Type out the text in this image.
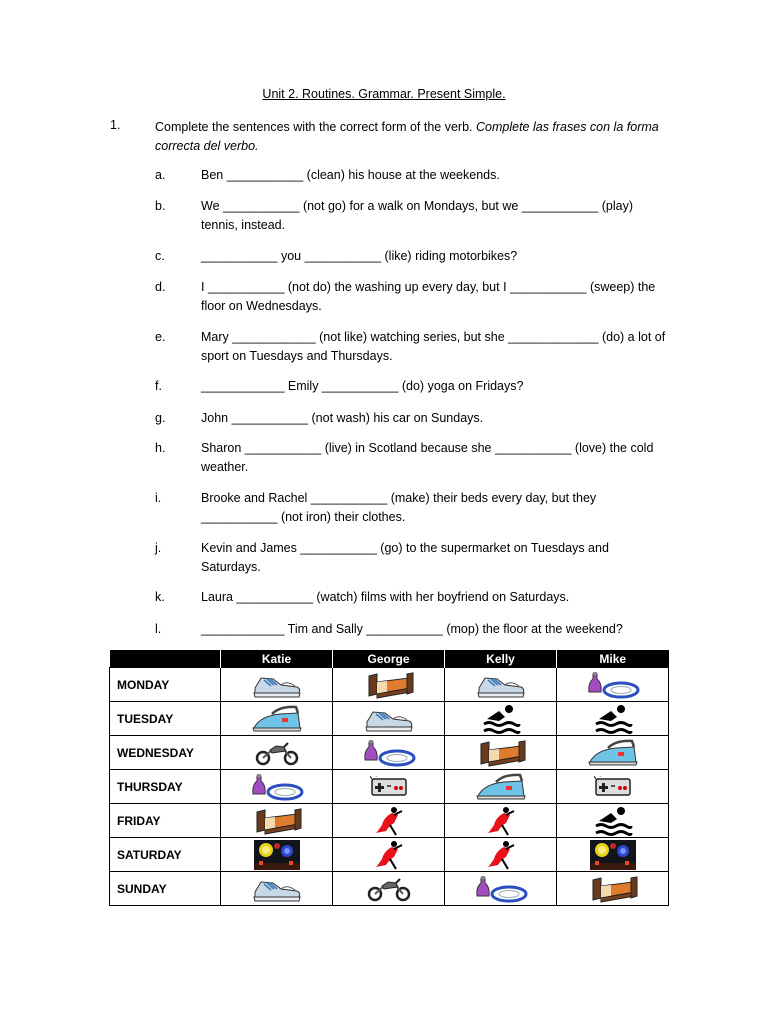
Unit 2. Routines. Grammar. Present Simple.
1.	Complete the sentences with the correct form of the verb. Complete las frases con la forma correcta del verbo.
a.	Ben ___________ (clean) his house at the weekends.
b.	We ___________ (not go) for a walk on Mondays, but we ___________ (play) tennis, instead.
c.	___________ you ___________ (like) riding motorbikes?
d.	I ___________ (not do) the washing up every day, but I ___________ (sweep) the floor on Wednesdays.
e.	Mary ____________ (not like) watching series, but she _____________ (do) a lot of sport on Tuesdays and Thursdays.
f.	____________ Emily ___________ (do) yoga on Fridays?
g.	John ___________ (not wash) his car on Sundays.
h.	Sharon ___________ (live) in Scotland because she ___________ (love) the cold weather.
i.	Brooke and Rachel ___________ (make) their beds every day, but they ___________ (not iron) their clothes.
j.	Kevin and James ___________ (go) to the supermarket on Tuesdays and Saturdays.
k.	Laura ___________ (watch) films with her boyfriend on Saturdays.
l.	____________ Tim and Sally ___________ (mop) the floor at the weekend?
	Katie	George	Kelly	Mike
MONDAY	

TUESDAY	

WEDNESDAY	

THURSDAY	

FRIDAY	

SATURDAY	

SUNDAY	
